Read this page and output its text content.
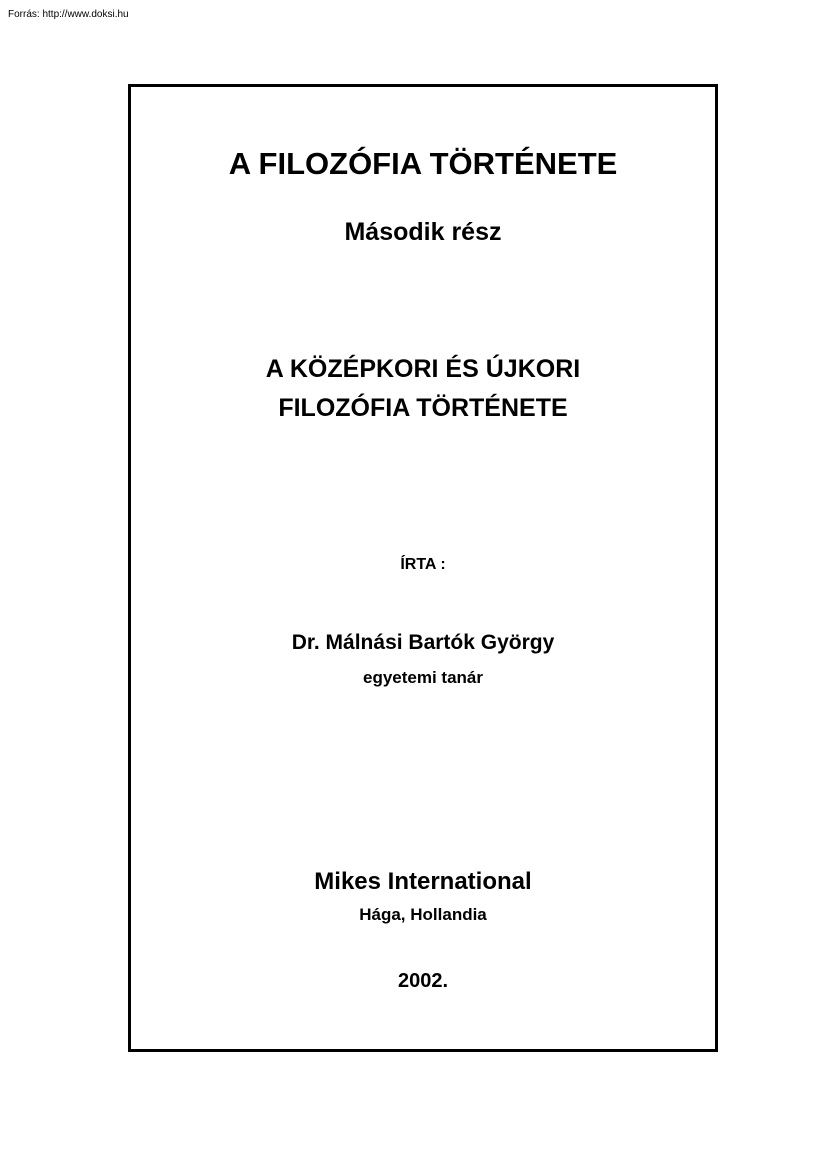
Forrás: http://www.doksi.hu
A FILOZÓFIA TÖRTÉNETE
Második rész
A KÖZÉPKORI ÉS ÚJKORI
FILOZÓFIA TÖRTÉNETE
ÍRTA :
Dr. Málnási Bartók György
egyetemi tanár
Mikes International
Hága, Hollandia
2002.
